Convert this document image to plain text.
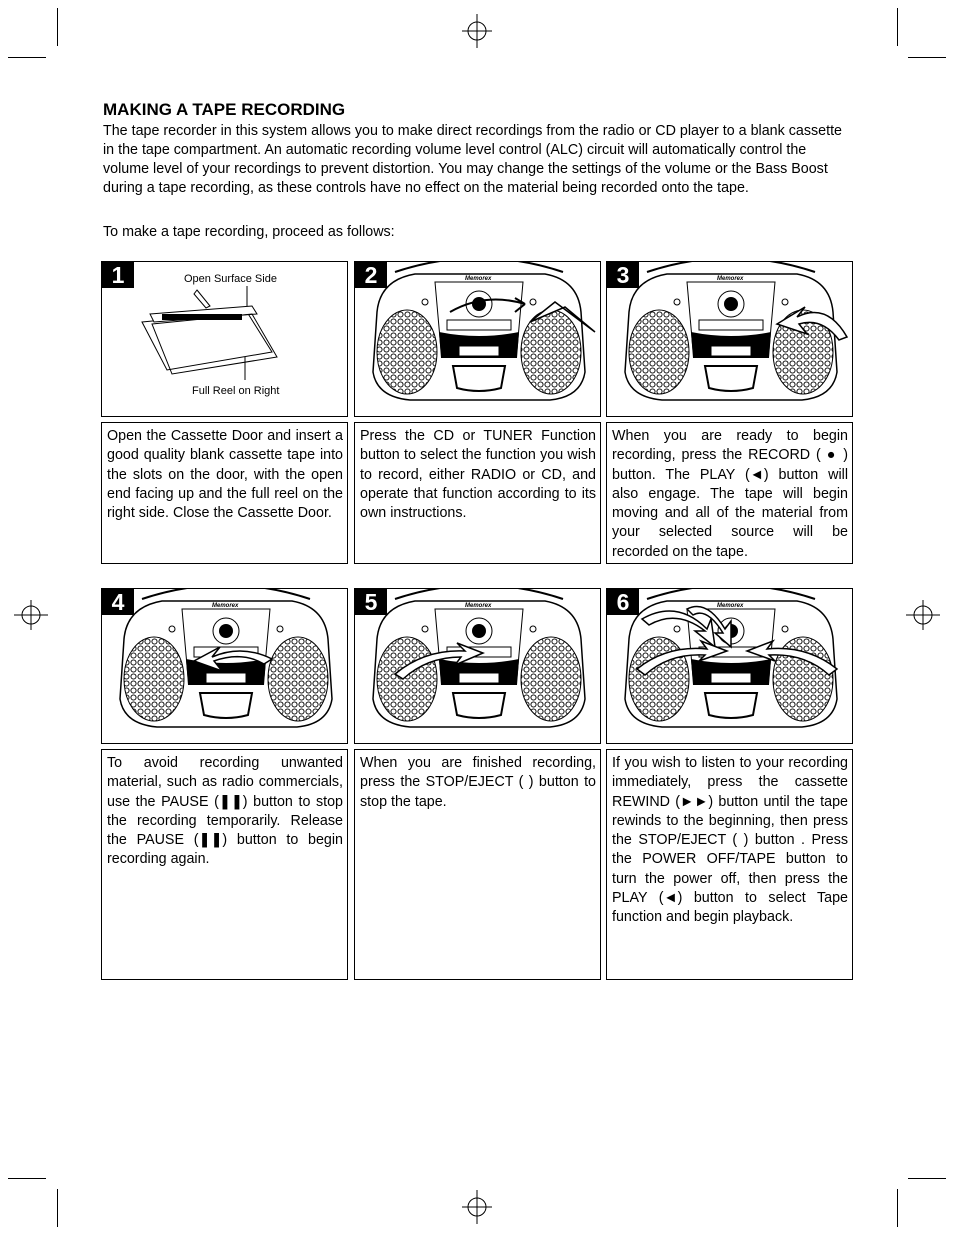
MAKING A TAPE RECORDING
The tape recorder in this system allows you to make direct recordings from the radio or CD player to a blank cassette in the tape compartment. An automatic recording volume level control (ALC) circuit will automatically control the volume level of your recordings to prevent distortion. You may change the settings of the volume or the Bass Boost during a tape recording, as these controls have no effect on the material being recorded onto the tape.
To make a tape recording, proceed as follows:
1	Open Surface Side
Full Reel on Right
2	Memorex	3	Memorex
Open the Cassette Door and insert a good quality blank cassette tape into the slots on the door, with the open end facing up and the full reel on the right side. Close the Cassette Door.
Press the CD or TUNER Function button to select the function you wish to record, either RADIO or CD, and operate that function according to its own instructions.
When you are ready to begin recording, press the RECORD ( ● ) button. The PLAY (◄) button will also engage. The tape will begin moving and all of the material from your selected source will be recorded on the tape.
4	Memorex	5	Memorex	6	Memorex
To avoid recording unwanted material, such as radio commercials, use the PAUSE (❚❚) button to stop the recording temporarily. Release the PAUSE (❚❚) button to begin recording again.
When you are finished recording, press the STOP/EJECT ( ) button to stop the tape.
If you wish to listen to your recording immediately, press the cassette REWIND (►►) button until the tape rewinds to the beginning, then press the STOP/EJECT ( ) button . Press the POWER OFF/TAPE button to turn the power off, then press the PLAY (◄) button to select Tape function and begin playback.
